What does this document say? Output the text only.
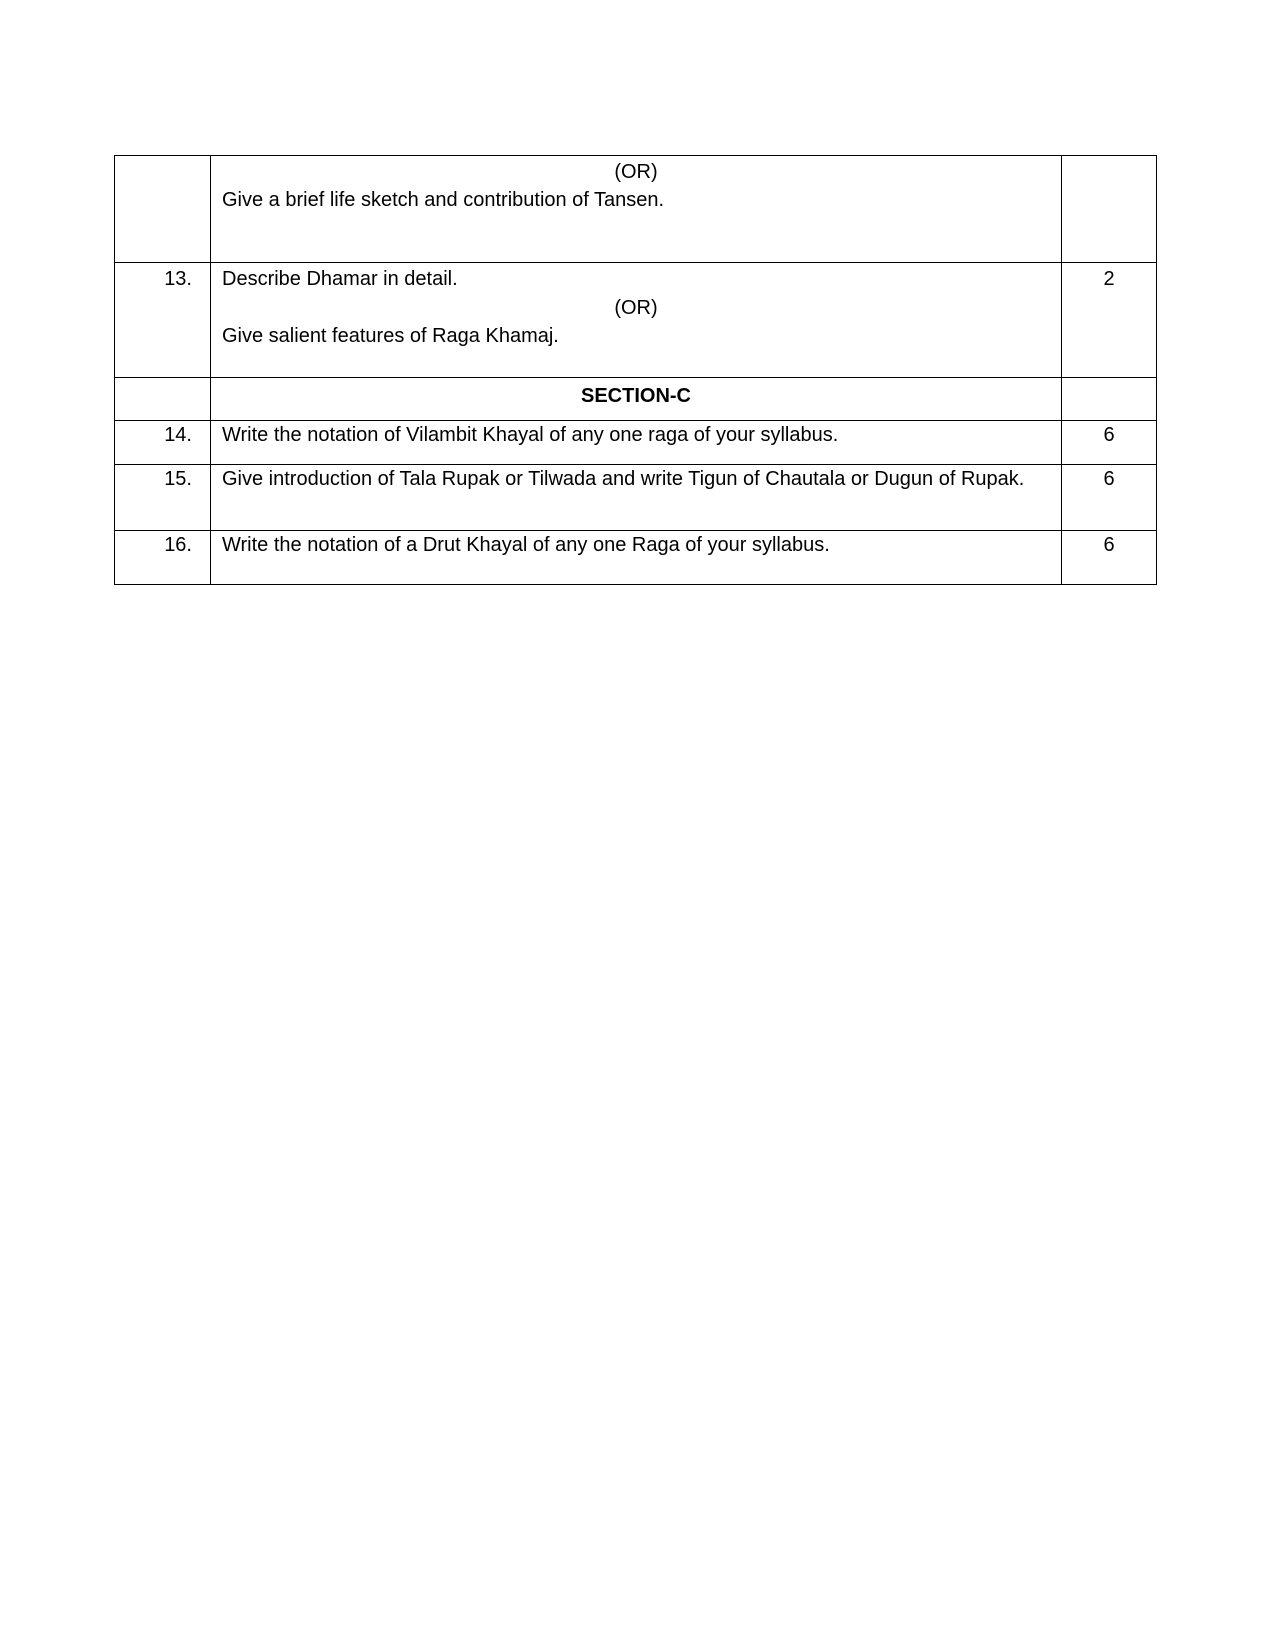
	(OR)
Give a brief life sketch and contribution of Tansen.	

13.	Describe Dhamar in detail.
(OR)
Give salient features of Raga Khamaj.	2
	SECTION-C	
14.	Write the notation of Vilambit Khayal of any one raga of your syllabus.	6
15.	Give introduction of Tala Rupak or Tilwada and write Tigun of Chautala or Dugun of Rupak.	6
16.	Write the notation of a Drut Khayal of any one Raga of your syllabus.	6
